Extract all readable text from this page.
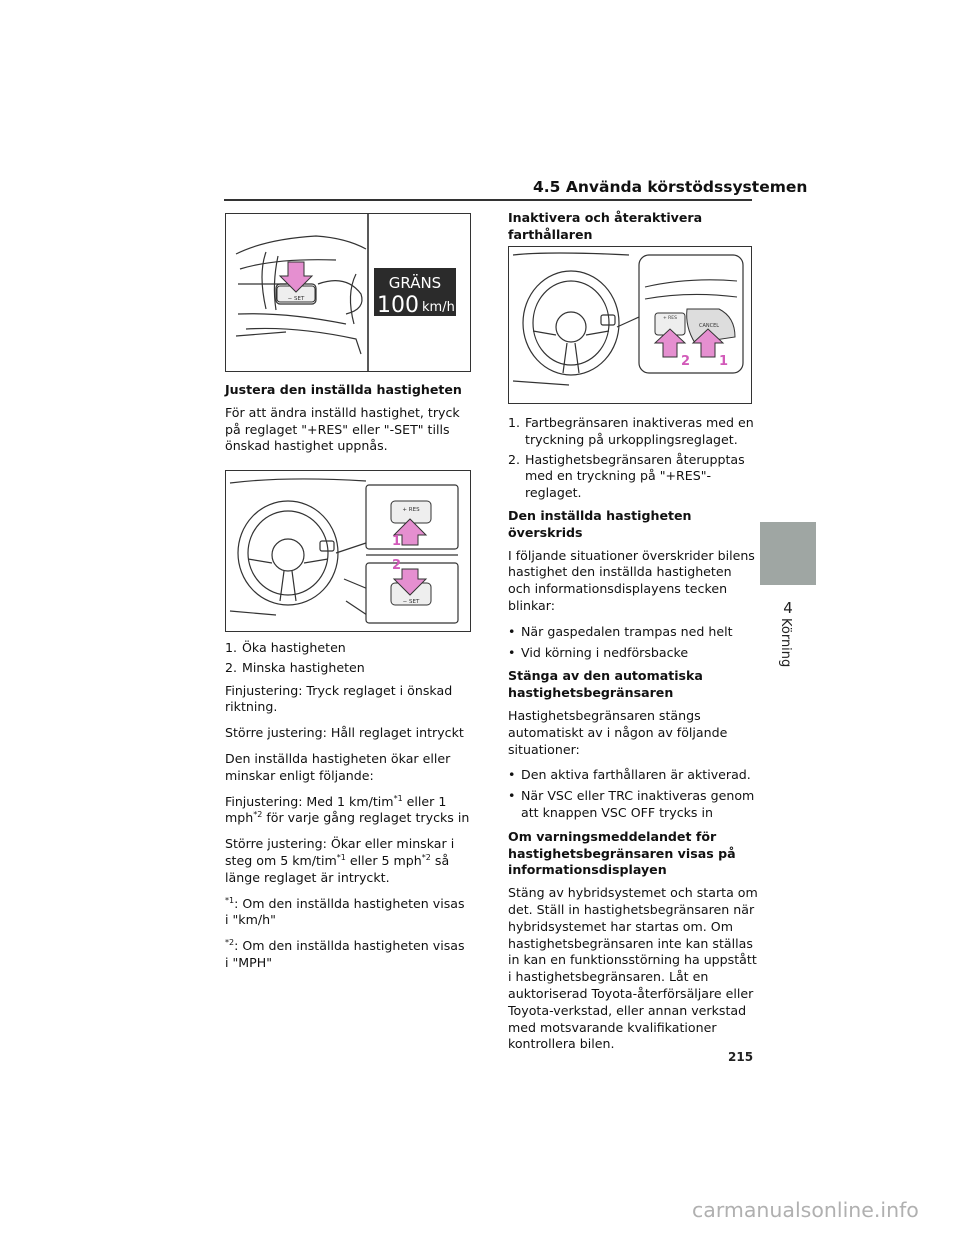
4.5 Använda körstödssystemen
− SET
GRÄNS
100 km/h
Justera den inställda hastigheten

För att ändra inställd hastighet, tryck på reglaget "+RES" eller "-SET" tills önskad hastighet uppnås.

+ RES
− SET
1
2
1. Öka hastigheten
2. Minska hastigheten

Finjustering: Tryck reglaget i önskad riktning.

Större justering: Håll reglaget intryckt

Den inställda hastigheten ökar eller minskar enligt följande:

Finjustering: Med 1 km/tim$^{*1}$ eller 1 mph$^{*2}$ för varje gång reglaget trycks in

Större justering: Ökar eller minskar i steg om 5 km/tim$^{*1}$ eller 5 mph$^{*2}$ så länge reglaget är intryckt.

$^{*1}$: Om den inställda hastigheten visas i "km/h"

$^{*2}$: Om den inställda hastigheten visas i "MPH"

Inaktivera och återaktivera farthållaren
+ RES
CANCEL
2 1
1. Fartbegränsaren inaktiveras med en tryckning på urkopplingsreglaget.
2. Hastighetsbegränsaren återupptas med en tryckning på "+RES"-reglaget.
Den inställda hastigheten överskrids

I följande situationer överskrider bilens hastighet den inställda hastigheten och informationsdisplayens tecken blinkar:

• När gaspedalen trampas ned helt
• Vid körning i nedförsbacke
Stänga av den automatiska hastighetsbegränsaren

Hastighetsbegränsaren stängs automatiskt av i någon av följande situationer:

• Den aktiva farthållaren är aktiverad.
• När VSC eller TRC inaktiveras genom att knappen VSC OFF trycks in
Om varningsmeddelandet för hastighetsbegränsaren visas på informationsdisplayen

Stäng av hybridsystemet och starta om det. Ställ in hastighetsbegränsaren när hybridsystemet har startas om. Om hastighetsbegränsaren inte kan ställas in kan en funktionsstörning ha uppstått i hastighetsbegränsaren. Låt en auktoriserad Toyota-återförsäljare eller Toyota-verkstad, eller annan verkstad med motsvarande kvalifikationer kontrollera bilen.

4
Körning
215
carmanualsonline.info
